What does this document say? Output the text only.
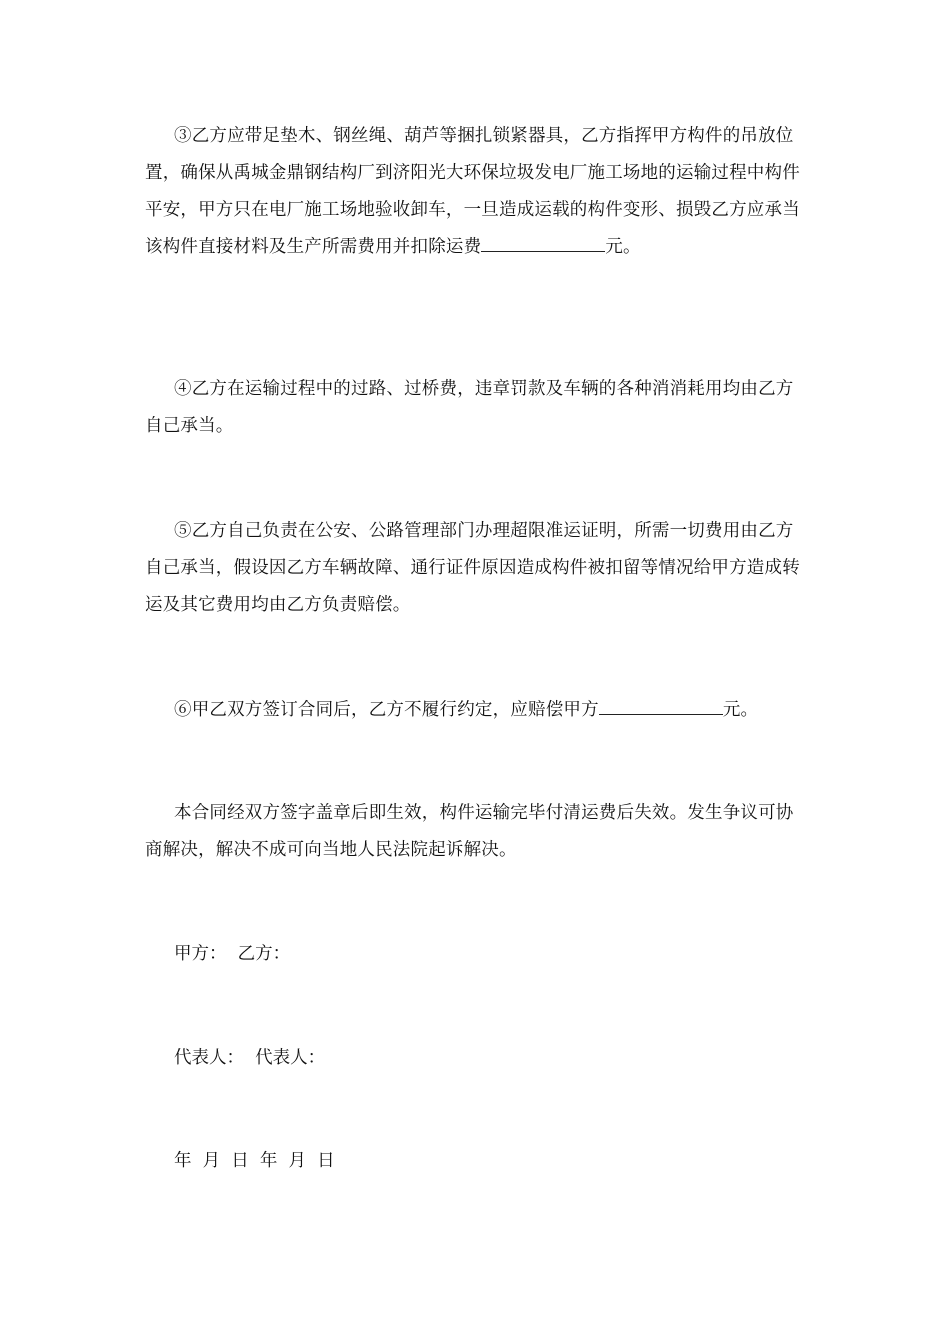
③乙方应带足垫木、钢丝绳、葫芦等捆扎锁紧器具，乙方指挥甲方构件的吊放位置，确保从禹城金鼎钢结构厂到济阳光大环保垃圾发电厂施工场地的运输过程中构件平安，甲方只在电厂施工场地验收卸车，一旦造成运载的构件变形、损毁乙方应承当该构件直接材料及生产所需费用并扣除运费	元。

④乙方在运输过程中的过路、过桥费，违章罚款及车辆的各种消消耗用均由乙方自己承当。

⑤乙方自己负责在公安、公路管理部门办理超限准运证明，所需一切费用由乙方自己承当，假设因乙方车辆故障、通行证件原因造成构件被扣留等情况给甲方造成转运及其它费用均由乙方负责赔偿。

⑥甲乙双方签订合同后，乙方不履行约定，应赔偿甲方	元。

本合同经双方签字盖章后即生效，构件运输完毕付清运费后失效。发生争议可协商解决，解决不成可向当地人民法院起诉解决。

甲方：  乙方：

代表人：  代表人：

年  月  日  年  月  日
